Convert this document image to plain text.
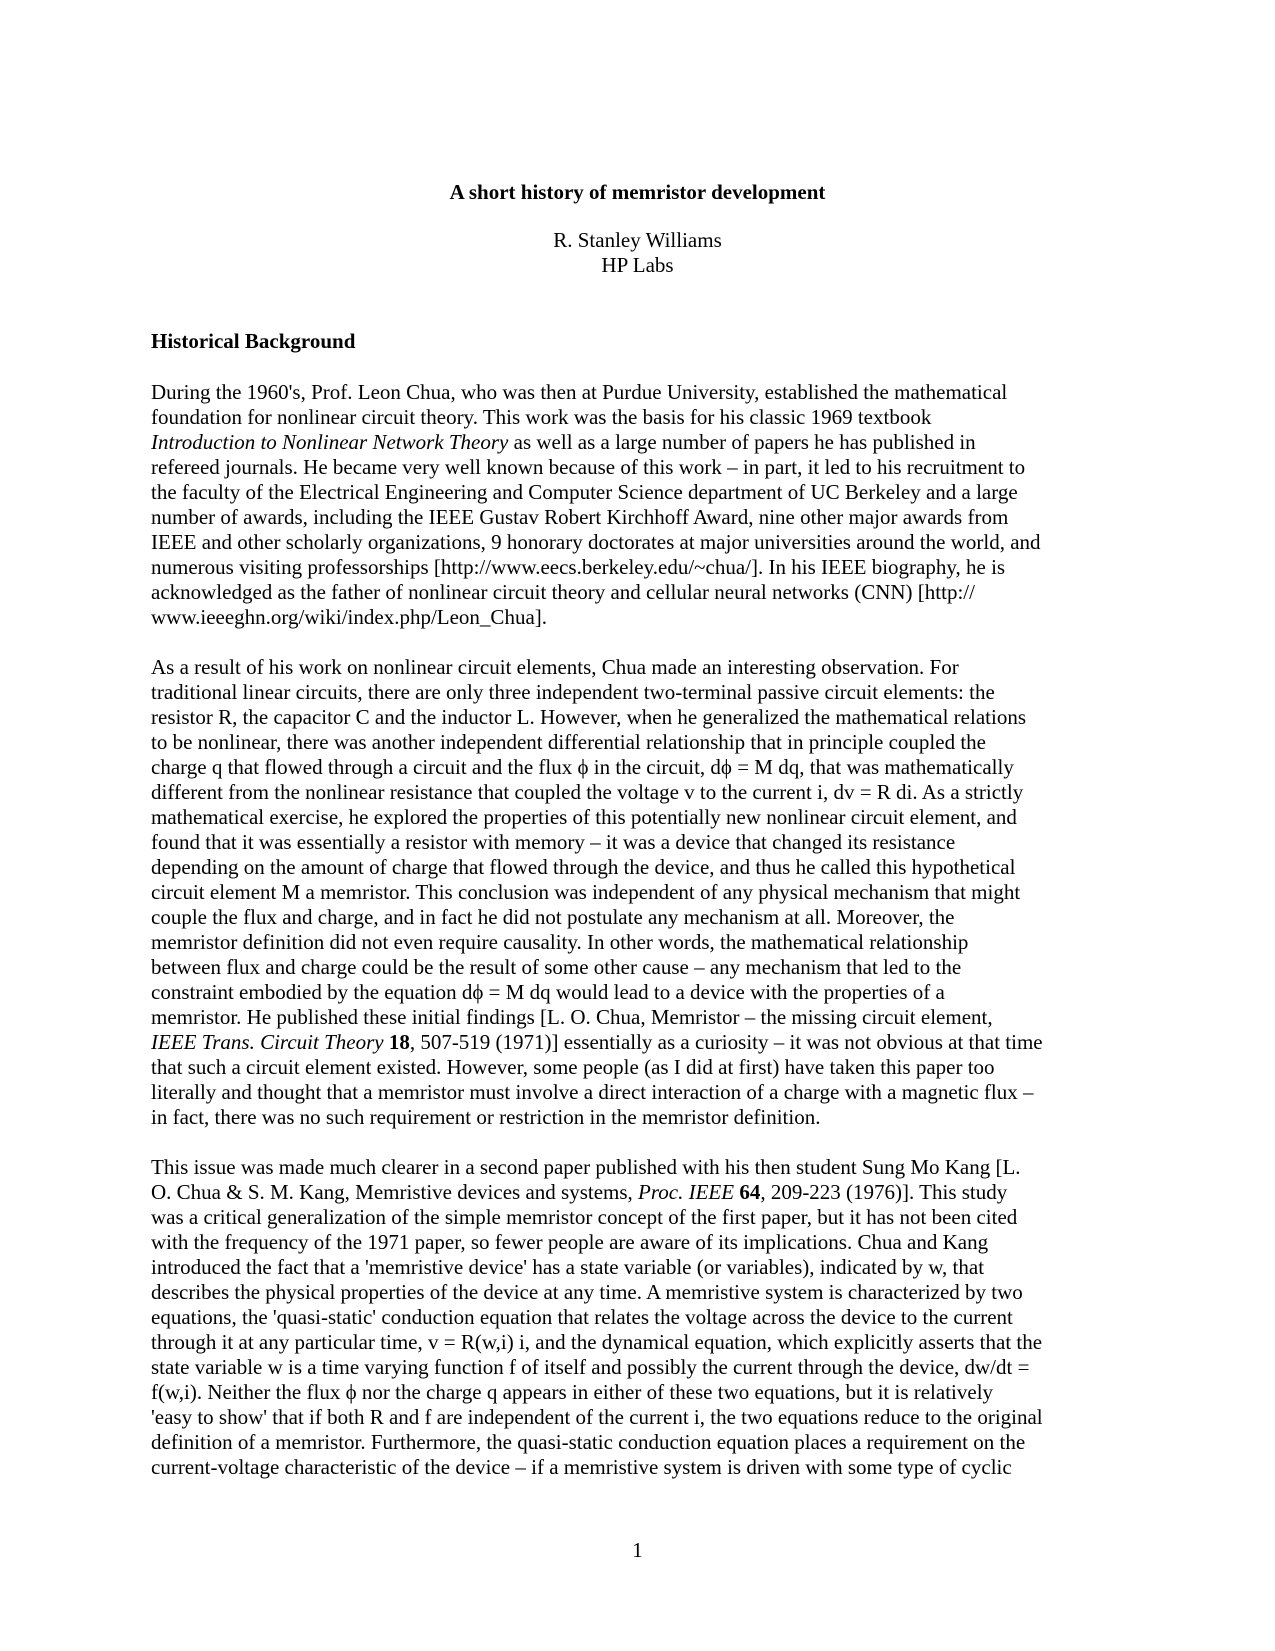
A short history of memristor development
R. Stanley Williams
HP Labs
Historical Background
During the 1960's, Prof. Leon Chua, who was then at Purdue University, established the mathematical
foundation for nonlinear circuit theory. This work was the basis for his classic 1969 textbook
Introduction to Nonlinear Network Theory as well as a large number of papers he has published in
refereed journals. He became very well known because of this work – in part, it led to his recruitment to
the faculty of the Electrical Engineering and Computer Science department of UC Berkeley and a large
number of awards, including the IEEE Gustav Robert Kirchhoff Award, nine other major awards from
IEEE and other scholarly organizations, 9 honorary doctorates at major universities around the world, and
numerous visiting professorships [http://www.eecs.berkeley.edu/~chua/]. In his IEEE biography, he is
acknowledged as the father of nonlinear circuit theory and cellular neural networks (CNN) [http://
www.ieeeghn.org/wiki/index.php/Leon_Chua].
As a result of his work on nonlinear circuit elements, Chua made an interesting observation. For
traditional linear circuits, there are only three independent two-terminal passive circuit elements: the
resistor R, the capacitor C and the inductor L. However, when he generalized the mathematical relations
to be nonlinear, there was another independent differential relationship that in principle coupled the
charge q that flowed through a circuit and the flux ϕ in the circuit, dϕ = M dq, that was mathematically
different from the nonlinear resistance that coupled the voltage v to the current i, dv = R di. As a strictly
mathematical exercise, he explored the properties of this potentially new nonlinear circuit element, and
found that it was essentially a resistor with memory – it was a device that changed its resistance
depending on the amount of charge that flowed through the device, and thus he called this hypothetical
circuit element M a memristor. This conclusion was independent of any physical mechanism that might
couple the flux and charge, and in fact he did not postulate any mechanism at all. Moreover, the
memristor definition did not even require causality. In other words, the mathematical relationship
between flux and charge could be the result of some other cause – any mechanism that led to the
constraint embodied by the equation dϕ = M dq would lead to a device with the properties of a
memristor. He published these initial findings [L. O. Chua, Memristor – the missing circuit element,
IEEE Trans. Circuit Theory 18, 507-519 (1971)] essentially as a curiosity – it was not obvious at that time
that such a circuit element existed. However, some people (as I did at first) have taken this paper too
literally and thought that a memristor must involve a direct interaction of a charge with a magnetic flux –
in fact, there was no such requirement or restriction in the memristor definition.
This issue was made much clearer in a second paper published with his then student Sung Mo Kang [L.
O. Chua & S. M. Kang, Memristive devices and systems, Proc. IEEE 64, 209-223 (1976)]. This study
was a critical generalization of the simple memristor concept of the first paper, but it has not been cited
with the frequency of the 1971 paper, so fewer people are aware of its implications. Chua and Kang
introduced the fact that a 'memristive device' has a state variable (or variables), indicated by w, that
describes the physical properties of the device at any time. A memristive system is characterized by two
equations, the 'quasi-static' conduction equation that relates the voltage across the device to the current
through it at any particular time, v = R(w,i) i, and the dynamical equation, which explicitly asserts that the
state variable w is a time varying function f of itself and possibly the current through the device, dw/dt =
f(w,i). Neither the flux ϕ nor the charge q appears in either of these two equations, but it is relatively
'easy to show' that if both R and f are independent of the current i, the two equations reduce to the original
definition of a memristor. Furthermore, the quasi-static conduction equation places a requirement on the
current-voltage characteristic of the device – if a memristive system is driven with some type of cyclic
1
